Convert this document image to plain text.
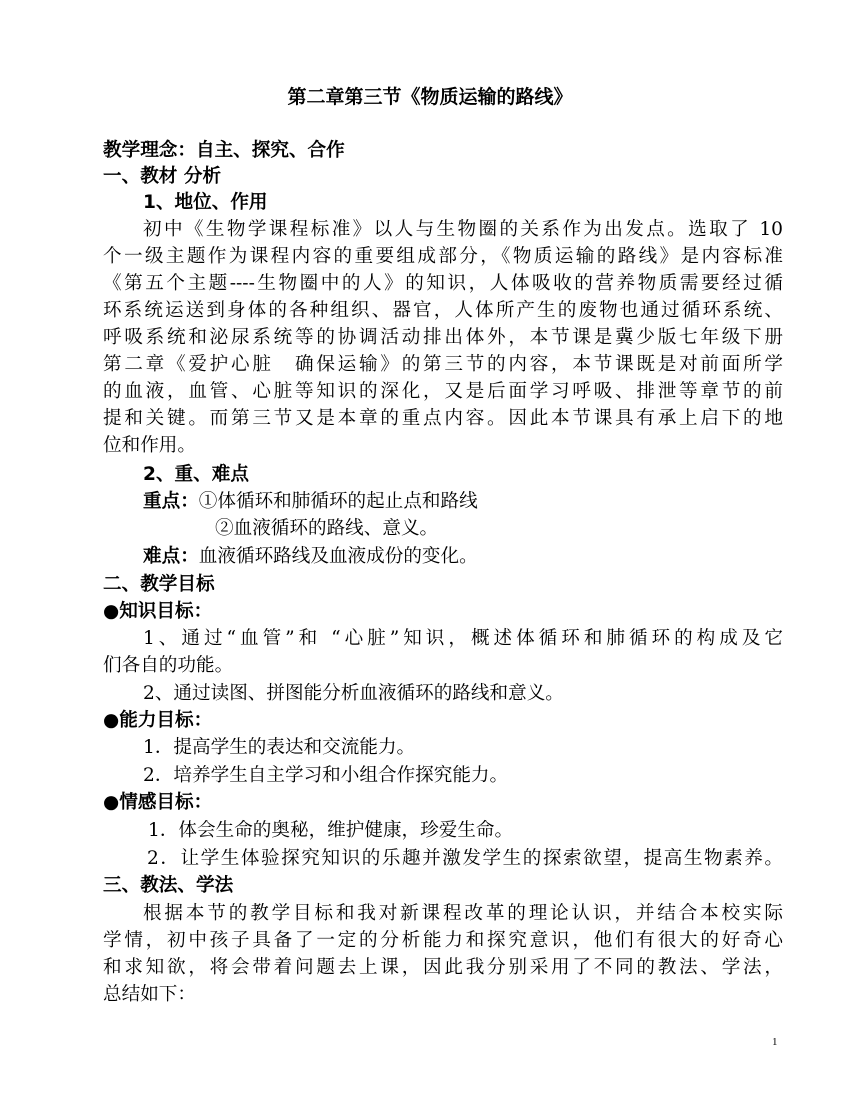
第二章第三节《物质运输的路线》
教学理念：自主、探究、合作
一、教材 分析
1、地位、作用
初中《生物学课程标准》以人与生物圈的关系作为出发点。选取了 10
个一级主题作为课程内容的重要组成部分，《物质运输的路线》是内容标准
《第五个主题----生物圈中的人》的知识，人体吸收的营养物质需要经过循
环系统运送到身体的各种组织、器官，人体所产生的废物也通过循环系统、
呼吸系统和泌尿系统等的协调活动排出体外，本节课是冀少版七年级下册
第二章《爱护心脏　确保运输》的第三节的内容，本节课既是对前面所学
的血液，血管、心脏等知识的深化，又是后面学习呼吸、排泄等章节的前
提和关键。而第三节又是本章的重点内容。因此本节课具有承上启下的地
位和作用。
2、重、难点
重点：①体循环和肺循环的起止点和路线
②血液循环的路线、意义。
难点：血液循环路线及血液成份的变化。
二、教学目标
●知识目标：
1、通过“血管”和 “心脏”知识，概述体循环和肺循环的构成及它
们各自的功能。
2、通过读图、拼图能分析血液循环的路线和意义。
●能力目标：
1．提高学生的表达和交流能力。
2．培养学生自主学习和小组合作探究能力。
●情感目标：
1．体会生命的奥秘，维护健康，珍爱生命。
2．让学生体验探究知识的乐趣并激发学生的探索欲望，提高生物素养。
三、教法、学法
根据本节的教学目标和我对新课程改革的理论认识，并结合本校实际
学情，初中孩子具备了一定的分析能力和探究意识，他们有很大的好奇心
和求知欲，将会带着问题去上课，因此我分别采用了不同的教法、学法，
总结如下：
1
